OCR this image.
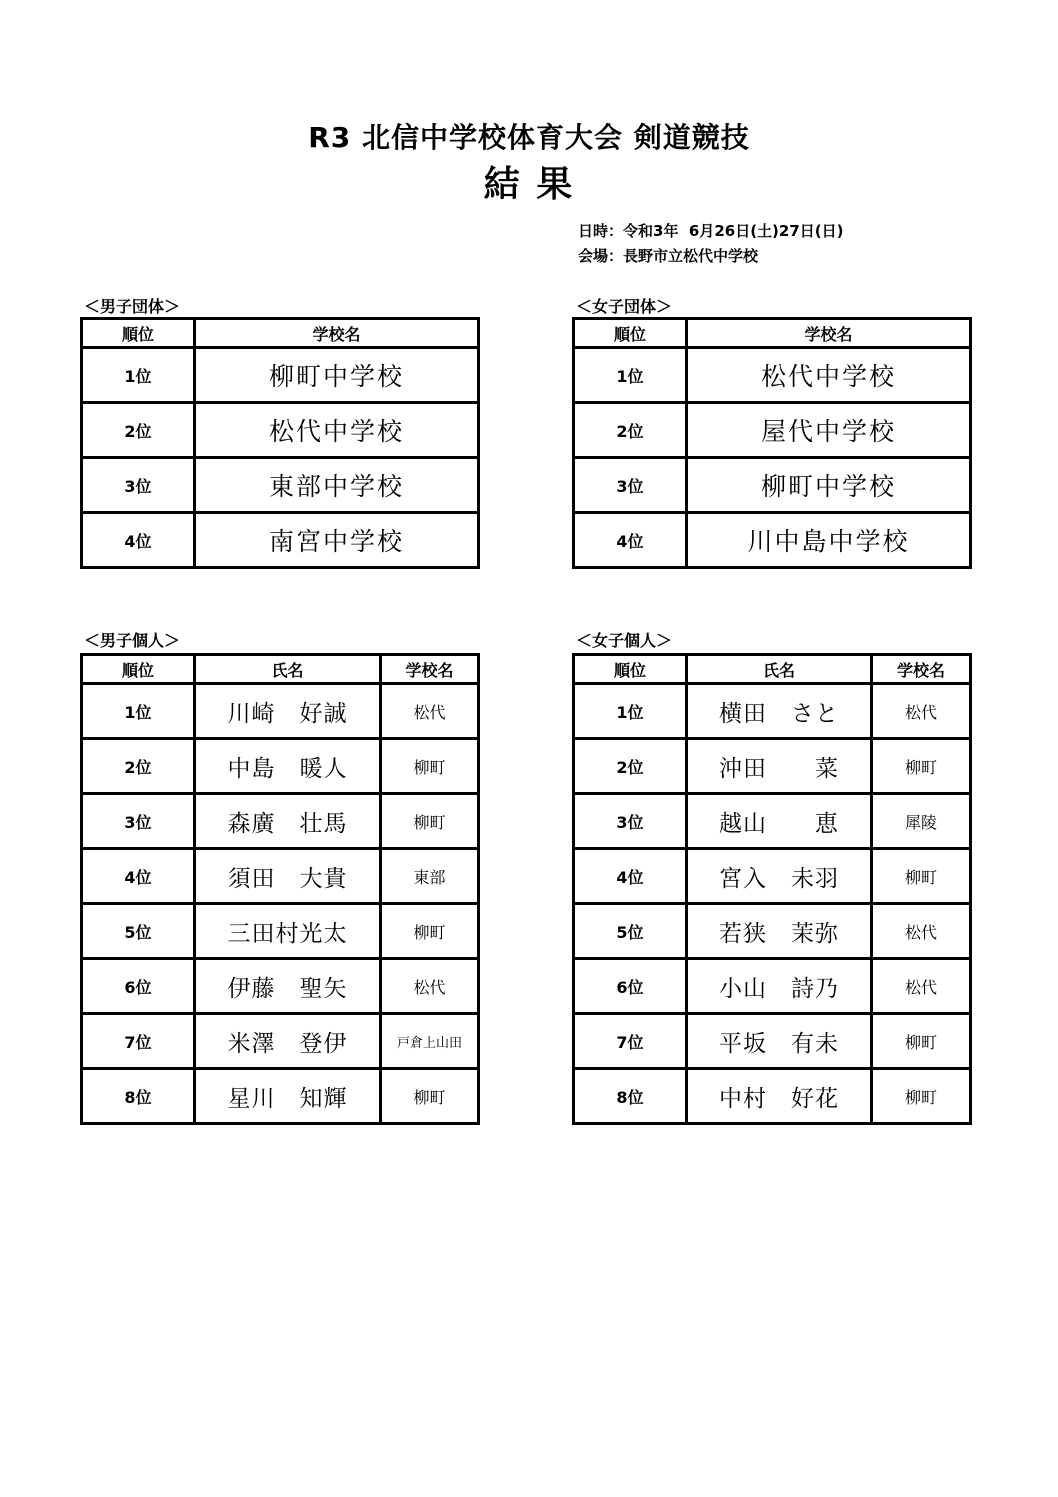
R3 北信中学校体育大会 剣道競技
結 果
日時：令和3年  6月26日(土)27日(日)
会場：長野市立松代中学校
＜男子団体＞
順位	学校名
1位	柳町中学校
2位	松代中学校
3位	東部中学校
4位	南宮中学校
＜女子団体＞
順位	学校名
1位	松代中学校
2位	屋代中学校
3位	柳町中学校
4位	川中島中学校
＜男子個人＞
順位	氏名	学校名
1位	川崎　好誠	松代
2位	中島　暖人	柳町
3位	森廣　壮馬	柳町
4位	須田　大貴	東部
5位	三田村光太	柳町
6位	伊藤　聖矢	松代
7位	米澤　登伊	戸倉上山田
8位	星川　知輝	柳町
＜女子個人＞
順位	氏名	学校名
1位	横田　さと	松代
2位	沖田　　菜	柳町
3位	越山　　恵	犀陵
4位	宮入　未羽	柳町
5位	若狭　茉弥	松代
6位	小山　詩乃	松代
7位	平坂　有未	柳町
8位	中村　好花	柳町
